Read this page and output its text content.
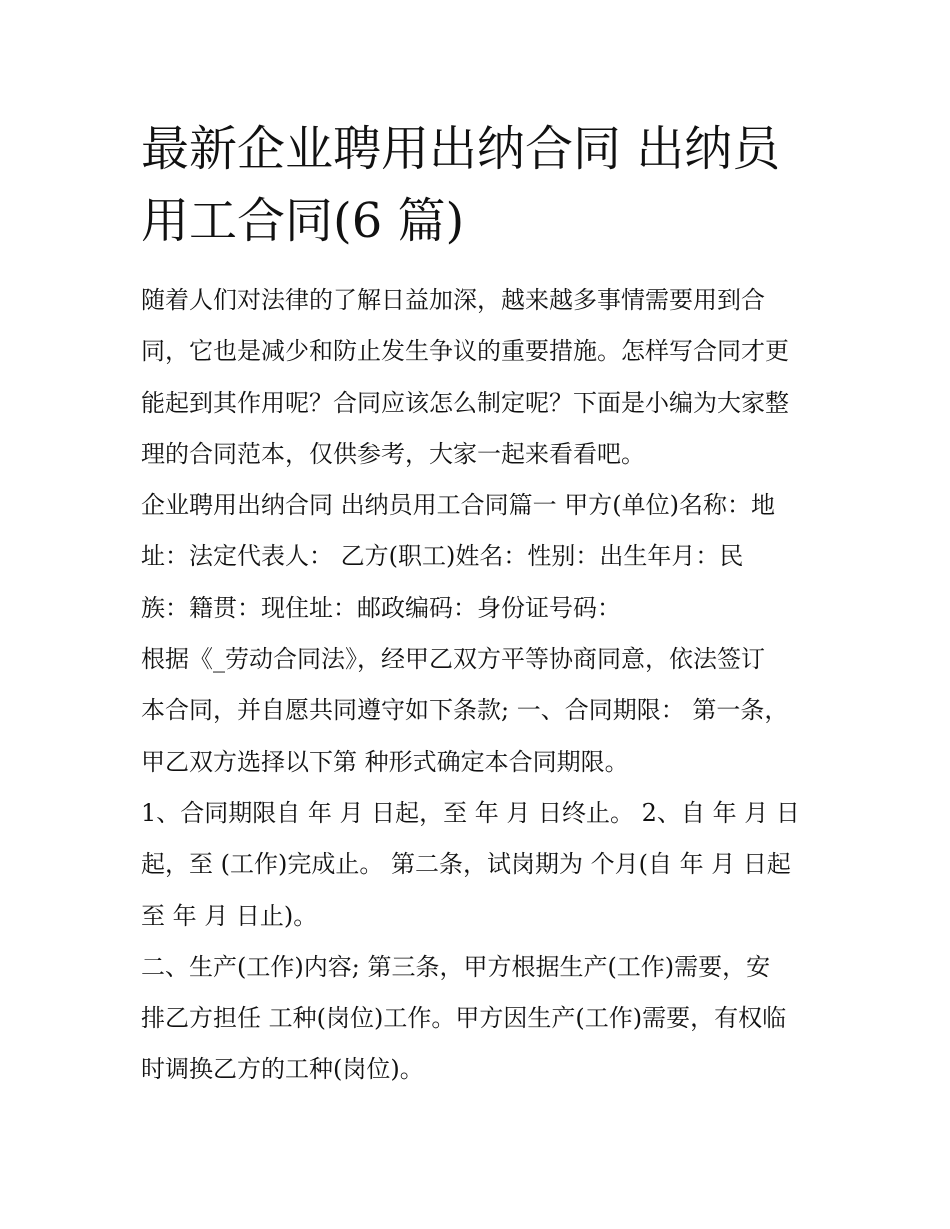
最新企业聘用出纳合同 出纳员
用工合同(6 篇)
随着人们对法律的了解日益加深，越来越多事情需要用到合
同，它也是减少和防止发生争议的重要措施。怎样写合同才更
能起到其作用呢？合同应该怎么制定呢？下面是小编为大家整
理的合同范本，仅供参考，大家一起来看看吧。
企业聘用出纳合同 出纳员用工合同篇一 甲方(单位)名称：地
址：法定代表人： 乙方(职工)姓名：性别：出生年月：民
族：籍贯：现住址：邮政编码：身份证号码：
根据《_劳动合同法》，经甲乙双方平等协商同意，依法签订
本合同，并自愿共同遵守如下条款; 一、合同期限： 第一条，
甲乙双方选择以下第 种形式确定本合同期限。
1、合同期限自 年 月 日起，至 年 月 日终止。 2、自 年 月 日
起，至 (工作)完成止。 第二条，试岗期为 个月(自 年 月 日起
至 年 月 日止)。
二、生产(工作)内容; 第三条，甲方根据生产(工作)需要，安
排乙方担任 工种(岗位)工作。甲方因生产(工作)需要，有权临
时调换乙方的工种(岗位)。
